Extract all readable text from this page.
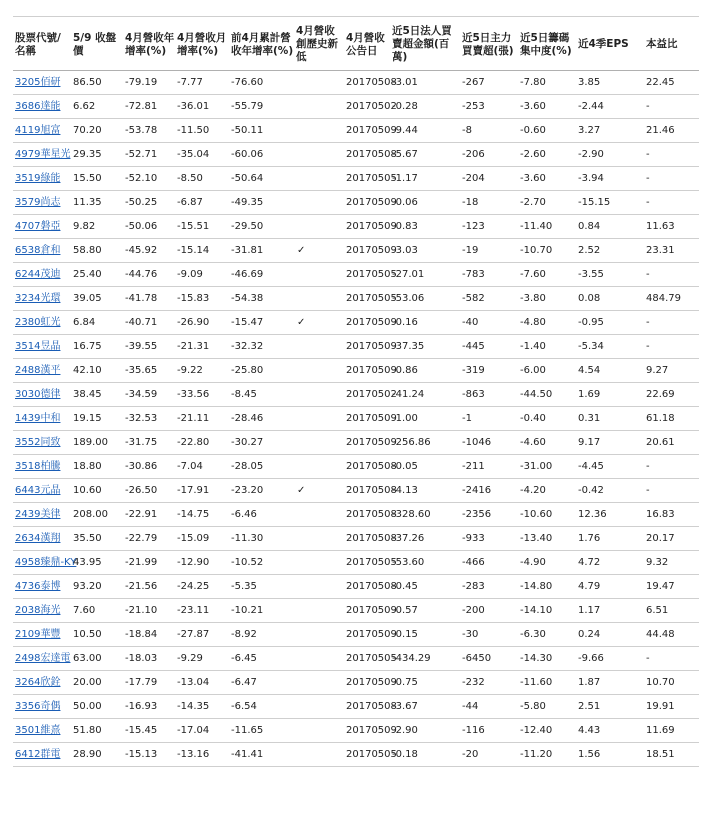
股票代號/名稱	5/9 收盤價	4月營收年增率(%)	4月營收月增率(%)	前4月累計營收年增率(%)	4月營收創歷史新低	4月營收公告日	近5日法人買賣超金額(百萬)	近5日主力買賣超(張)	近5日籌碼集中度(%)	近4季EPS	本益比
3205佰研	86.50	-79.19	-7.77	-76.60		20170508	-3.01	-267	-7.80	3.85	22.45
3686達能	6.62	-72.81	-36.01	-55.79		20170502	-0.28	-253	-3.60	-2.44	-
4119旭富	70.20	-53.78	-11.50	-50.11		20170509	-9.44	-8	-0.60	3.27	21.46
4979華星光	29.35	-52.71	-35.04	-60.06		20170508	-5.67	-206	-2.60	-2.90	-
3519綠能	15.50	-52.10	-8.50	-50.64		20170505	-1.17	-204	-3.60	-3.94	-
3579尚志	11.35	-50.25	-6.87	-49.35		20170509	-0.06	-18	-2.70	-15.15	-
4707磐亞	9.82	-50.06	-15.51	-29.50		20170509	-0.83	-123	-11.40	0.84	11.63
6538倉和	58.80	-45.92	-15.14	-31.81	✓	20170509	-3.03	-19	-10.70	2.52	23.31
6244茂迪	25.40	-44.76	-9.09	-46.69		20170505	-27.01	-783	-7.60	-3.55	-
3234光環	39.05	-41.78	-15.83	-54.38		20170505	-53.06	-582	-3.80	0.08	484.79
2380虹光	6.84	-40.71	-26.90	-15.47	✓	20170509	-0.16	-40	-4.80	-0.95	-
3514昱晶	16.75	-39.55	-21.31	-32.32		20170509	-37.35	-445	-1.40	-5.34	-
2488漢平	42.10	-35.65	-9.22	-25.80		20170509	-0.86	-319	-6.00	4.54	9.27
3030德律	38.45	-34.59	-33.56	-8.45		20170502	-41.24	-863	-44.50	1.69	22.69
1439中和	19.15	-32.53	-21.11	-28.46		20170509	-1.00	-1	-0.40	0.31	61.18
3552同致	189.00	-31.75	-22.80	-30.27		20170509	-256.86	-1046	-4.60	9.17	20.61
3518柏騰	18.80	-30.86	-7.04	-28.05		20170508	-0.05	-211	-31.00	-4.45	-
6443元晶	10.60	-26.50	-17.91	-23.20	✓	20170508	-4.13	-2416	-4.20	-0.42	-
2439美律	208.00	-22.91	-14.75	-6.46		20170508	-328.60	-2356	-10.60	12.36	16.83
2634漢翔	35.50	-22.79	-15.09	-11.30		20170508	-37.26	-933	-13.40	1.76	20.17
4958臻鼎-KY	43.95	-21.99	-12.90	-10.52		20170505	-53.60	-466	-4.90	4.72	9.32
4736泰博	93.20	-21.56	-24.25	-5.35		20170508	-0.45	-283	-14.80	4.79	19.47
2038海光	7.60	-21.10	-23.11	-10.21		20170509	-0.57	-200	-14.10	1.17	6.51
2109華豐	10.50	-18.84	-27.87	-8.92		20170509	-0.15	-30	-6.30	0.24	44.48
2498宏達電	63.00	-18.03	-9.29	-6.45		20170505	-434.29	-6450	-14.30	-9.66	-
3264欣銓	20.00	-17.79	-13.04	-6.47		20170509	-0.75	-232	-11.60	1.87	10.70
3356奇偶	50.00	-16.93	-14.35	-6.54		20170508	-3.67	-44	-5.80	2.51	19.91
3501維熹	51.80	-15.45	-17.04	-11.65		20170509	-2.90	-116	-12.40	4.43	11.69
6412群電	28.90	-15.13	-13.16	-41.41		20170505	-0.18	-20	-11.20	1.56	18.51
